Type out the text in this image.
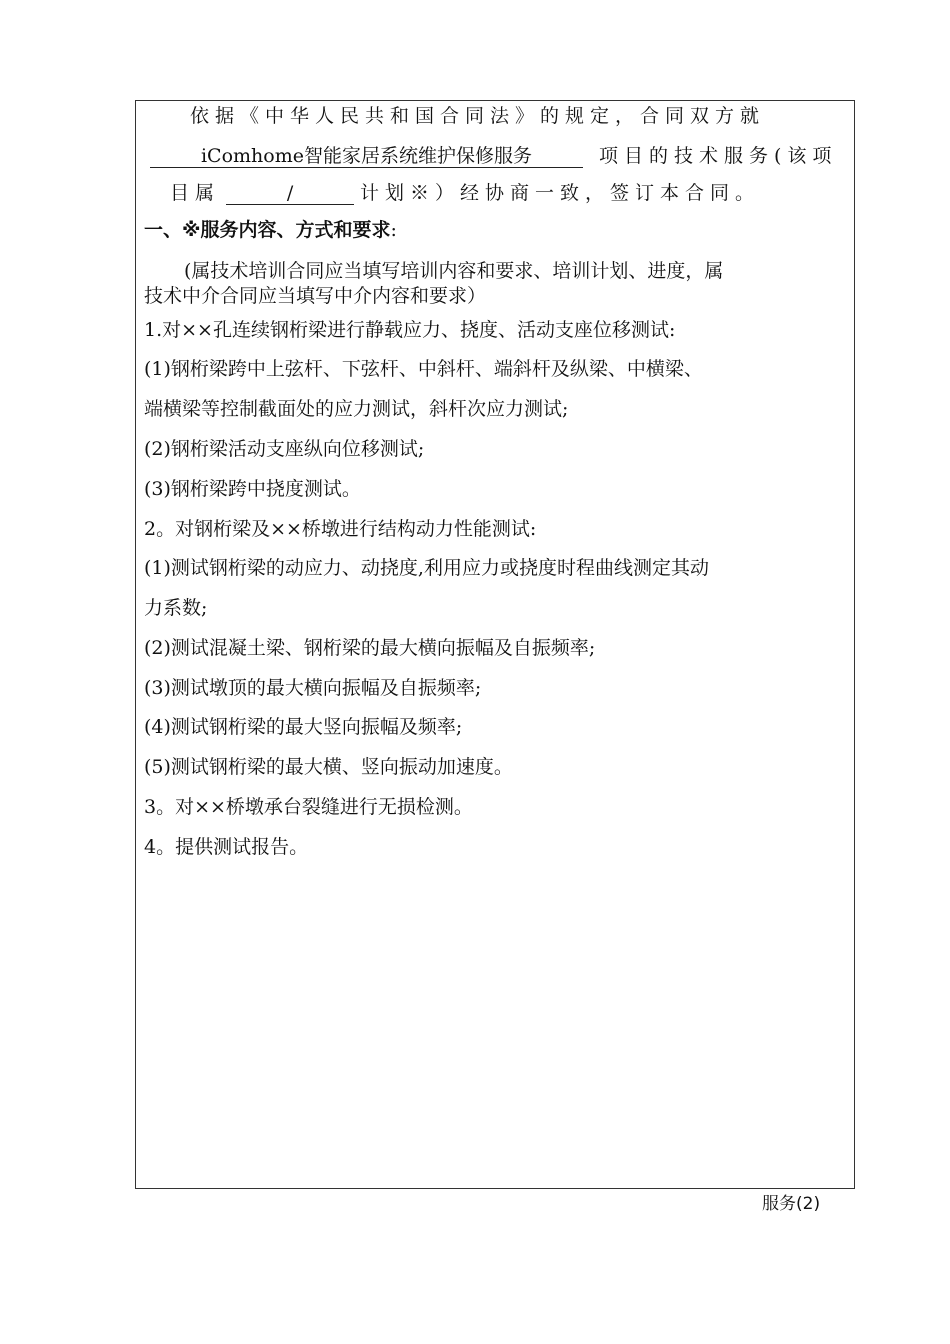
依据《中华人民共和国合同法》的规定，合同双方就
iComhome智能家居系统维护保修服务	项目的技术服务(该项
目属	/	计划※）经协商一致，签订本合同。
一、※服务内容、方式和要求:
(属技术培训合同应当填写培训内容和要求、培训计划、进度，属
技术中介合同应当填写中介内容和要求）
1.对××孔连续钢桁梁进行静载应力、挠度、活动支座位移测试:
(1)钢桁梁跨中上弦杆、下弦杆、中斜杆、端斜杆及纵梁、中横梁、
端横梁等控制截面处的应力测试，斜杆次应力测试;
(2)钢桁梁活动支座纵向位移测试;
(3)钢桁梁跨中挠度测试。
2。对钢桁梁及××桥墩进行结构动力性能测试:
(1)测试钢桁梁的动应力、动挠度,利用应力或挠度时程曲线测定其动
力系数;
(2)测试混凝土梁、钢桁梁的最大横向振幅及自振频率;
(3)测试墩顶的最大横向振幅及自振频率;
(4)测试钢桁梁的最大竖向振幅及频率;
(5)测试钢桁梁的最大横、竖向振动加速度。
3。对××桥墩承台裂缝进行无损检测。
4。提供测试报告。
服务(2)
